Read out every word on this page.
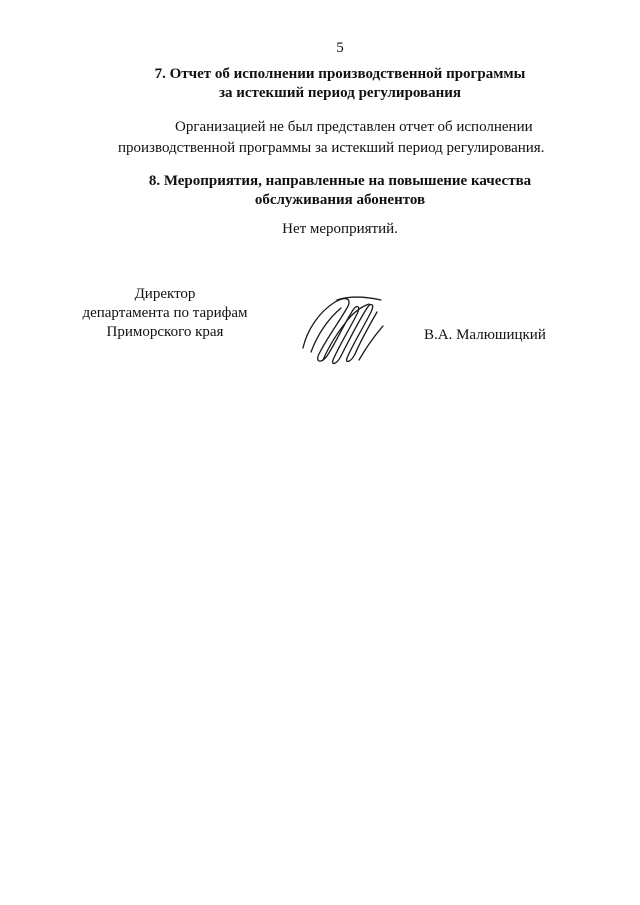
5
7. Отчет об исполнении производственной программы
за истекший период регулирования
Организацией не был представлен отчет об исполнении
производственной программы за истекший период регулирования.
8. Мероприятия, направленные на повышение качества
обслуживания абонентов
Нет мероприятий.
Директор
департамента по тарифам
Приморского края	В.А. Малюшицкий
